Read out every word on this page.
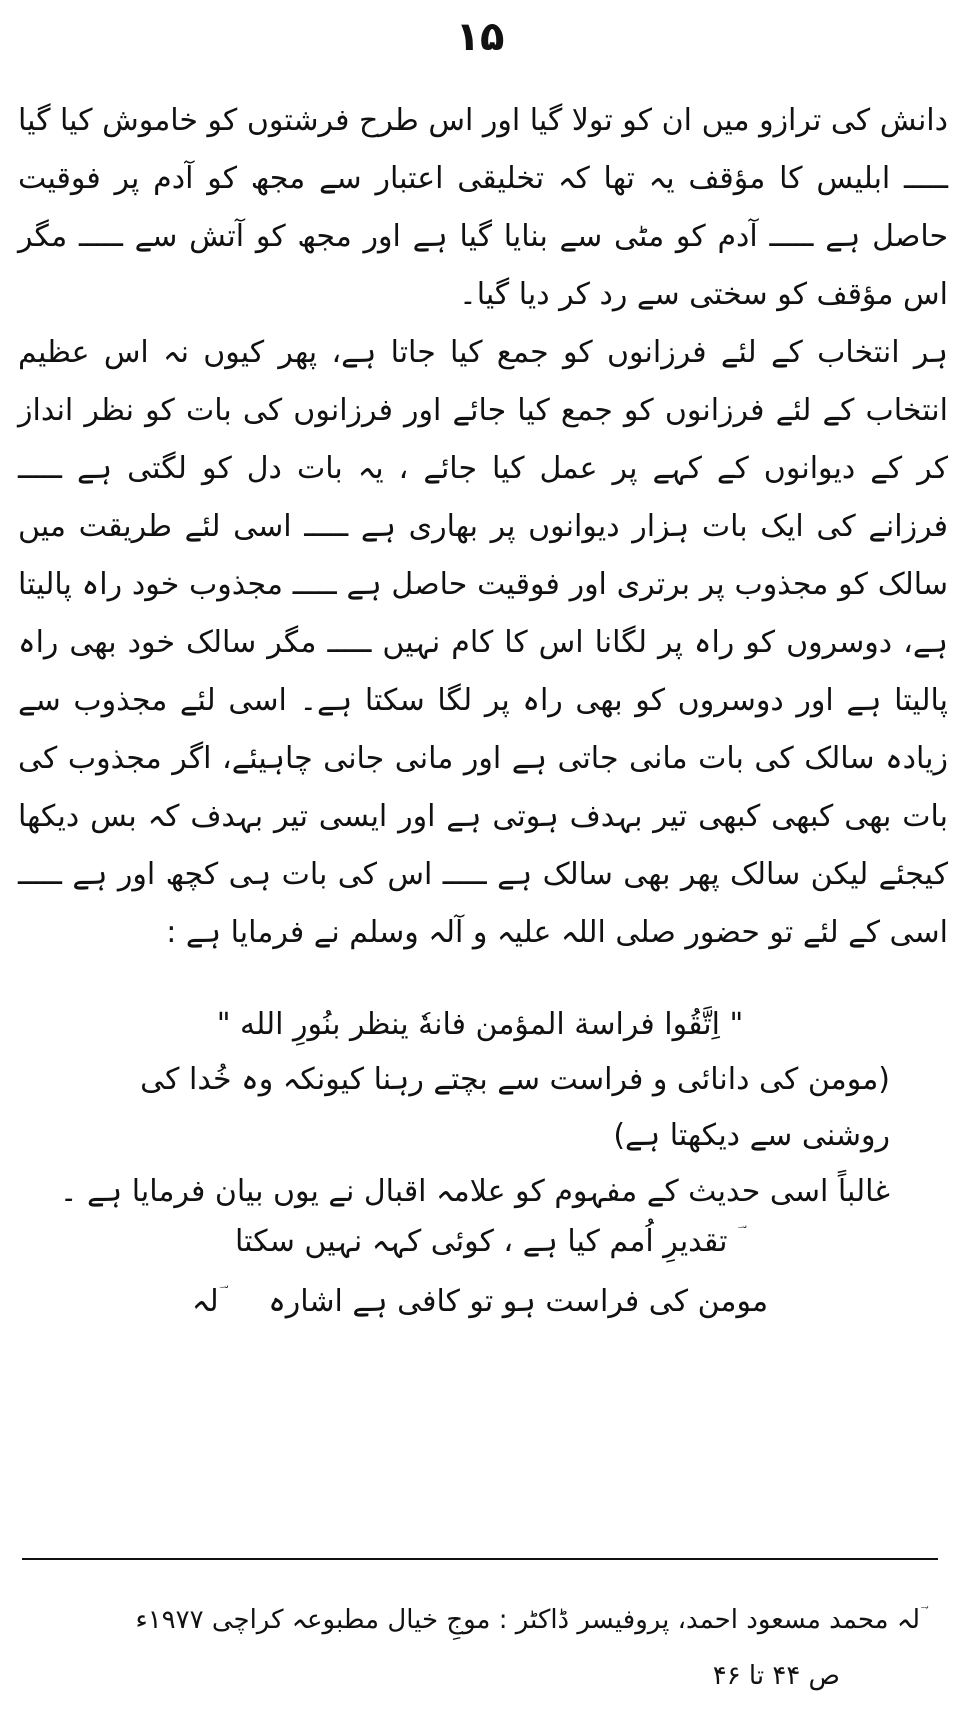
۱۵

دانش کی ترازو میں ان کو تولا گیا اور اس طرح فرشتوں کو خاموش کیا گیا ـــــ ابلیس کا مؤقف یہ تھا کہ تخلیقی اعتبار سے مجھ کو آدم پر فوقیت حاصل ہے ـــــ آدم کو مٹی سے بنایا گیا ہے اور مجھ کو آتش سے ـــــ مگر اس مؤقف کو سختی سے رد کر دیا گیا۔

ہر انتخاب کے لئے فرزانوں کو جمع کیا جاتا ہے، پھر کیوں نہ اس عظیم انتخاب کے لئے فرزانوں کو جمع کیا جائے اور فرزانوں کی بات کو نظر انداز کر کے دیوانوں کے کہے پر عمل کیا جائے ، یہ بات دل کو لگتی ہے ـــــ فرزانے کی ایک بات ہزار دیوانوں پر بھاری ہے ـــــ اسی لئے طریقت میں سالک کو مجذوب پر برتری اور فوقیت حاصل ہے ـــــ مجذوب خود راہ پالیتا ہے، دوسروں کو راہ پر لگانا اس کا کام نہیں ـــــ مگر سالک خود بھی راہ پالیتا ہے اور دوسروں کو بھی راہ پر لگا سکتا ہے۔ اسی لئے مجذوب سے زیادہ سالک کی بات مانی جاتی ہے اور مانی جانی چاہیئے، اگر مجذوب کی بات بھی کبھی کبھی تیر بہدف ہوتی ہے اور ایسی تیر بہدف کہ بس دیکھا کیجئے لیکن سالک پھر بھی سالک ہے ـــــ اس کی بات ہی کچھ اور ہے ـــــ اسی کے لئے تو حضور صلی اللہ علیہ و آلہ وسلم نے فرمایا ہے :

" اِتَّقُوا فراسة المؤمن فانهٗ ینظر بنُورِ الله "
(مومن کی دانائی و فراست سے بچتے رہنا کیونکہ وہ خُدا کی روشنی سے دیکھتا ہے)
غالباً اسی حدیث کے مفہوم کو علامہ اقبال نے یوں بیان فرمایا ہے ۔
تقدیرِ اُمم کیا ہے ، کوئی کہہ نہیں سکتا
مومن کی فراست ہو تو کافی ہے اشارہ ؔلہ
ؔلہ محمد مسعود احمد، پروفیسر ڈاکٹر : موجِ خیال مطبوعہ کراچی ۱۹۷۷ء
ص ۴۴ تا ۴۶
